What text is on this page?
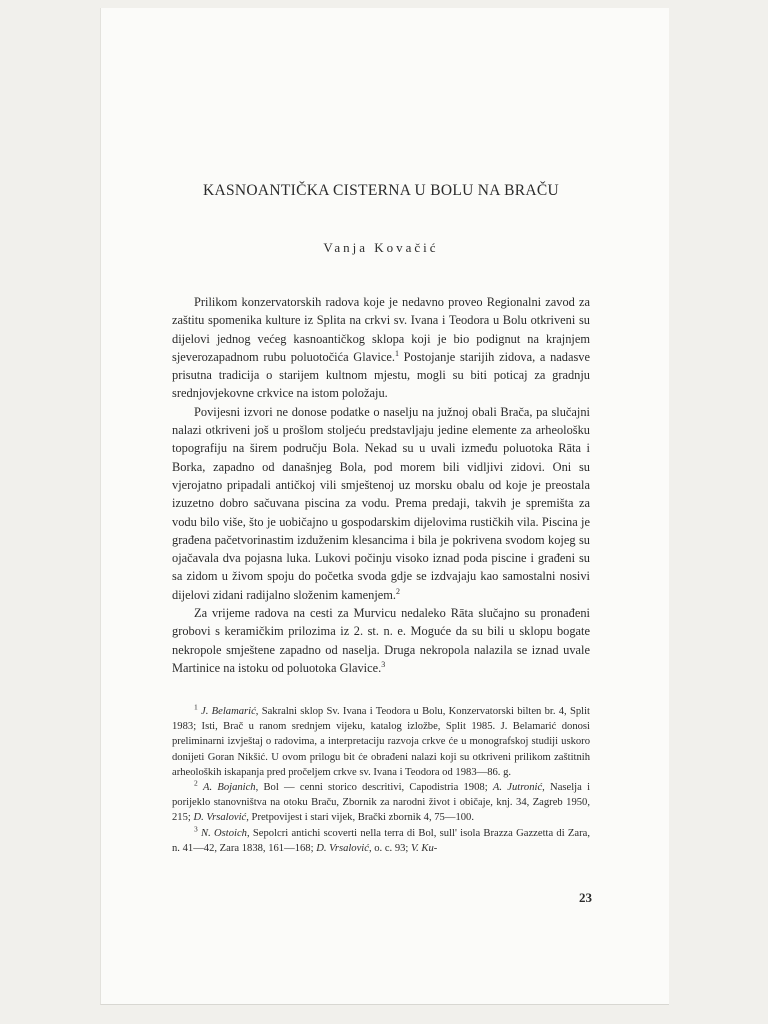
KASNOANTIČKA CISTERNA U BOLU NA BRAČU
Vanja Kovačić

Prilikom konzervatorskih radova koje je nedavno proveo Regionalni zavod za zaštitu spomenika kulture iz Splita na crkvi sv. Ivana i Teodora u Bolu otkriveni su dijelovi jednog većeg kasnoantičkog sklopa koji je bio podignut na krajnjem sjeverozapadnom rubu poluotočića Glavice.$^1$ Postojanje starijih zidova, a nadasve prisutna tradicija o starijem kultnom mjestu, mogli su biti poticaj za gradnju srednjovjekovne crkvice na istom položaju.

Povijesni izvori ne donose podatke o naselju na južnoj obali Brača, pa slučajni nalazi otkriveni još u prošlom stoljeću predstavljaju jedine elemente za arheološku topografiju na širem području Bola. Nekad su u uvali između poluotoka Rāta i Borka, zapadno od današnjeg Bola, pod morem bili vidljivi zidovi. Oni su vjerojatno pripadali antičkoj vili smještenoj uz morsku obalu od koje je preostala izuzetno dobro sačuvana piscina za vodu. Prema predaji, takvih je spremišta za vodu bilo više, što je uobičajno u gospodarskim dijelovima rustičkih vila. Piscina je građena pačetvorinastim izduženim klesancima i bila je pokrivena svodom kojeg su ojačavala dva pojasna luka. Lukovi počinju visoko iznad poda piscine i građeni su sa zidom u živom spoju do početka svoda gdje se izdvajaju kao samostalni nosivi dijelovi zidani radijalno složenim kamenjem.$^2$

Za vrijeme radova na cesti za Murvicu nedaleko Rāta slučajno su pronađeni grobovi s keramičkim prilozima iz 2. st. n. e. Moguće da su bili u sklopu bogate nekropole smještene zapadno od naselja. Druga nekropola nalazila se iznad uvale Martinice na istoku od poluotoka Glavice.$^3$

$^1$ J. Belamarić, Sakralni sklop Sv. Ivana i Teodora u Bolu, Konzervatorski bilten br. 4, Split 1983; Isti, Brač u ranom srednjem vijeku, katalog izložbe, Split 1985. J. Belamarić donosi preliminarni izvještaj o radovima, a interpretaciju razvoja crkve će u monografskoj studiji uskoro donijeti Goran Nikšić. U ovom prilogu bit će obrađeni nalazi koji su otkriveni prilikom zaštitnih arheoloških iskapanja pred pročeljem crkve sv. Ivana i Teodora od 1983—86. g.

$^2$ A. Bojanich, Bol — cenni storico descritivi, Capodistria 1908; A. Jutronić, Naselja i porijeklo stanovništva na otoku Braču, Zbornik za narodni život i običaje, knj. 34, Zagreb 1950, 215; D. Vrsalović, Pretpovijest i stari vijek, Brački zbornik 4, 75—100.

$^3$ N. Ostoich, Sepolcri antichi scoverti nella terra di Bol, sull' isola Brazza Gazzetta di Zara, n. 41—42, Zara 1838, 161—168; D. Vrsalović, o. c. 93; V. Ku-

23
